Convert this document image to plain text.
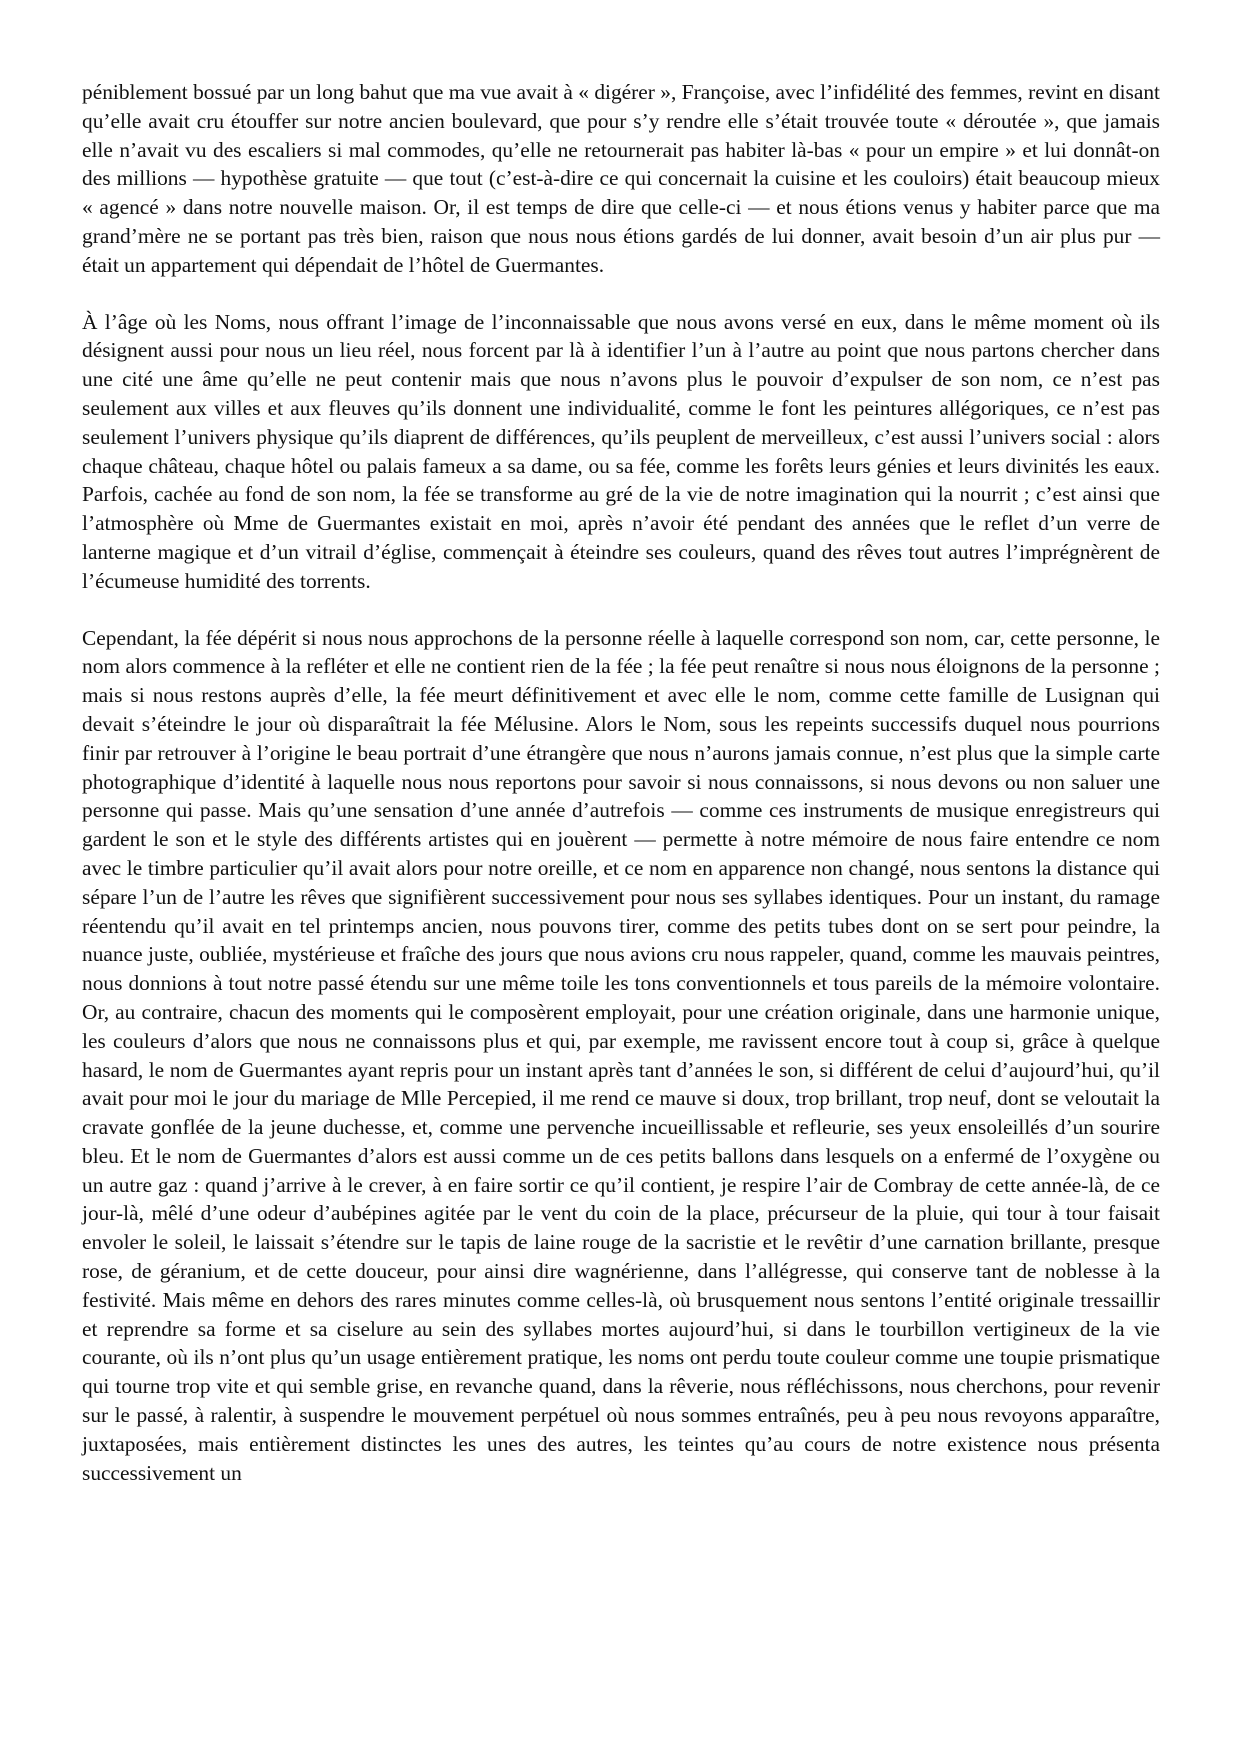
péniblement bossué par un long bahut que ma vue avait à « digérer », Françoise, avec l’infidélité des femmes, revint en disant qu’elle avait cru étouffer sur notre ancien boulevard, que pour s’y rendre elle s’était trouvée toute « déroutée », que jamais elle n’avait vu des escaliers si mal commodes, qu’elle ne retournerait pas habiter là-bas « pour un empire » et lui donnât-on des millions — hypothèse gratuite — que tout (c’est-à-dire ce qui concernait la cuisine et les couloirs) était beaucoup mieux « agencé » dans notre nouvelle maison. Or, il est temps de dire que celle-ci — et nous étions venus y habiter parce que ma grand’mère ne se portant pas très bien, raison que nous nous étions gardés de lui donner, avait besoin d’un air plus pur — était un appartement qui dépendait de l’hôtel de Guermantes.

À l’âge où les Noms, nous offrant l’image de l’inconnaissable que nous avons versé en eux, dans le même moment où ils désignent aussi pour nous un lieu réel, nous forcent par là à identifier l’un à l’autre au point que nous partons chercher dans une cité une âme qu’elle ne peut contenir mais que nous n’avons plus le pouvoir d’expulser de son nom, ce n’est pas seulement aux villes et aux fleuves qu’ils donnent une individualité, comme le font les peintures allégoriques, ce n’est pas seulement l’univers physique qu’ils diaprent de différences, qu’ils peuplent de merveilleux, c’est aussi l’univers social : alors chaque château, chaque hôtel ou palais fameux a sa dame, ou sa fée, comme les forêts leurs génies et leurs divinités les eaux. Parfois, cachée au fond de son nom, la fée se transforme au gré de la vie de notre imagination qui la nourrit ; c’est ainsi que l’atmosphère où Mme de Guermantes existait en moi, après n’avoir été pendant des années que le reflet d’un verre de lanterne magique et d’un vitrail d’église, commençait à éteindre ses couleurs, quand des rêves tout autres l’imprégnèrent de l’écumeuse humidité des torrents.

Cependant, la fée dépérit si nous nous approchons de la personne réelle à laquelle correspond son nom, car, cette personne, le nom alors commence à la refléter et elle ne contient rien de la fée ; la fée peut renaître si nous nous éloignons de la personne ; mais si nous restons auprès d’elle, la fée meurt définitivement et avec elle le nom, comme cette famille de Lusignan qui devait s’éteindre le jour où disparaîtrait la fée Mélusine. Alors le Nom, sous les repeints successifs duquel nous pourrions finir par retrouver à l’origine le beau portrait d’une étrangère que nous n’aurons jamais connue, n’est plus que la simple carte photographique d’identité à laquelle nous nous reportons pour savoir si nous connaissons, si nous devons ou non saluer une personne qui passe. Mais qu’une sensation d’une année d’autrefois — comme ces instruments de musique enregistreurs qui gardent le son et le style des différents artistes qui en jouèrent — permette à notre mémoire de nous faire entendre ce nom avec le timbre particulier qu’il avait alors pour notre oreille, et ce nom en apparence non changé, nous sentons la distance qui sépare l’un de l’autre les rêves que signifièrent successivement pour nous ses syllabes identiques. Pour un instant, du ramage réentendu qu’il avait en tel printemps ancien, nous pouvons tirer, comme des petits tubes dont on se sert pour peindre, la nuance juste, oubliée, mystérieuse et fraîche des jours que nous avions cru nous rappeler, quand, comme les mauvais peintres, nous donnions à tout notre passé étendu sur une même toile les tons conventionnels et tous pareils de la mémoire volontaire. Or, au contraire, chacun des moments qui le composèrent employait, pour une création originale, dans une harmonie unique, les couleurs d’alors que nous ne connaissons plus et qui, par exemple, me ravissent encore tout à coup si, grâce à quelque hasard, le nom de Guermantes ayant repris pour un instant après tant d’années le son, si différent de celui d’aujourd’hui, qu’il avait pour moi le jour du mariage de Mlle Percepied, il me rend ce mauve si doux, trop brillant, trop neuf, dont se veloutait la cravate gonflée de la jeune duchesse, et, comme une pervenche incueillissable et refleurie, ses yeux ensoleillés d’un sourire bleu. Et le nom de Guermantes d’alors est aussi comme un de ces petits ballons dans lesquels on a enfermé de l’oxygène ou un autre gaz : quand j’arrive à le crever, à en faire sortir ce qu’il contient, je respire l’air de Combray de cette année-là, de ce jour-là, mêlé d’une odeur d’aubépines agitée par le vent du coin de la place, précurseur de la pluie, qui tour à tour faisait envoler le soleil, le laissait s’étendre sur le tapis de laine rouge de la sacristie et le revêtir d’une carnation brillante, presque rose, de géranium, et de cette douceur, pour ainsi dire wagnérienne, dans l’allégresse, qui conserve tant de noblesse à la festivité. Mais même en dehors des rares minutes comme celles-là, où brusquement nous sentons l’entité originale tressaillir et reprendre sa forme et sa ciselure au sein des syllabes mortes aujourd’hui, si dans le tourbillon vertigineux de la vie courante, où ils n’ont plus qu’un usage entièrement pratique, les noms ont perdu toute couleur comme une toupie prismatique qui tourne trop vite et qui semble grise, en revanche quand, dans la rêverie, nous réfléchissons, nous cherchons, pour revenir sur le passé, à ralentir, à suspendre le mouvement perpétuel où nous sommes entraînés, peu à peu nous revoyons apparaître, juxtaposées, mais entièrement distinctes les unes des autres, les teintes qu’au cours de notre existence nous présenta successivement un
